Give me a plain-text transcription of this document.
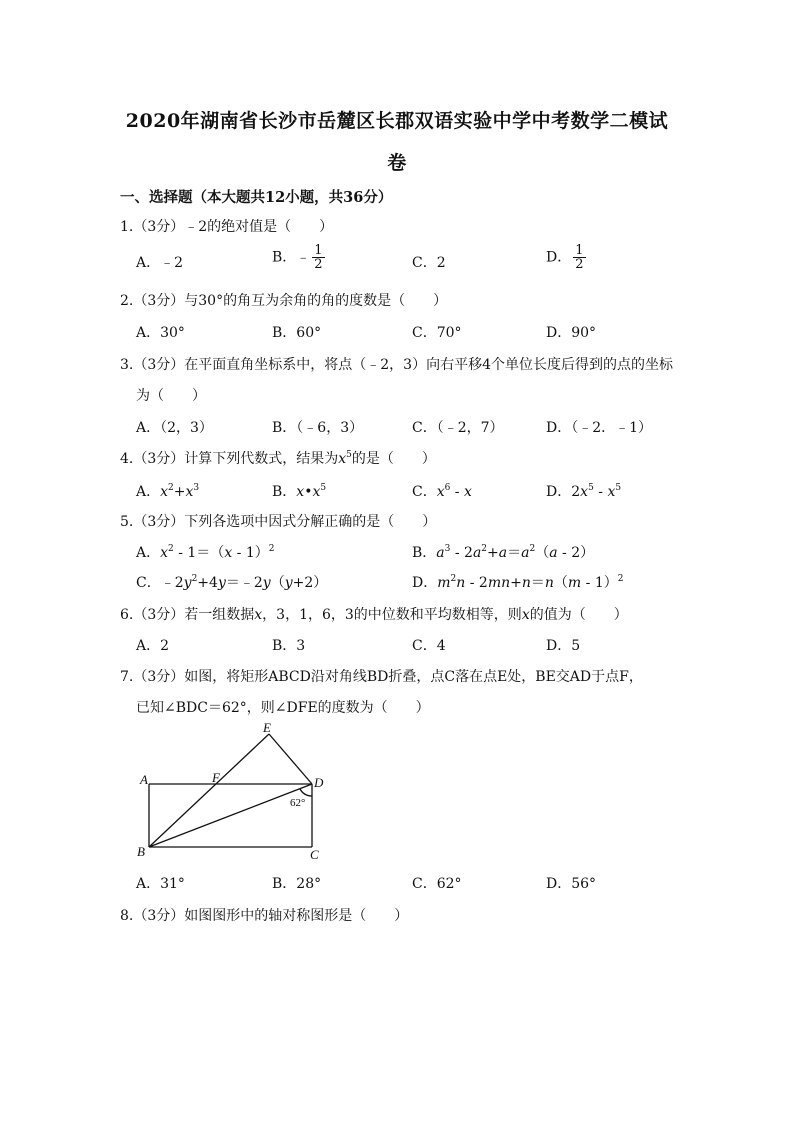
2020年湖南省长沙市岳麓区长郡双语实验中学中考数学二模试
卷
一、选择题（本大题共12小题，共36分）
1.（3分）﹣2的绝对值是（　　）
A．﹣2	B．﹣ $\frac{1}{2}$	C．2	D． $\frac{1}{2}$
2.（3分）与30°的角互为余角的角的度数是（　　）
A．30°	B．60°	C．70°	D．90°
3.（3分）在平面直角坐标系中，将点（﹣2，3）向右平移4个单位长度后得到的点的坐标
为（　　）
A．（2，3）	B．（﹣6，3）	C．（﹣2，7）	D．（﹣2．﹣1）
4.（3分）计算下列代数式，结果为$x^5$的是（　　）
A．$x^2+x^3$	B．$x•x^5$	C．$x^6$ - x	D．$2x^5 - x^5$
5.（3分）下列各选项中因式分解正确的是（　　）
A．$x^2 - 1=(x - 1)^2$	B．$a^3 - 2a^2+a=a^2(a - 2)$
C．$﹣2y^2+4y=﹣2y(y+2)$	D．$m^2n - 2mn+n=n(m - 1)^2$
6.（3分）若一组数据x，3，1，6，3的中位数和平均数相等，则x的值为（　　）
A．2	B．3	C．4	D．5
7.（3分）如图，将矩形ABCD沿对角线BD折叠，点C落在点E处，BE交AD于点F，
已知∠BDC＝62°，则∠DFE的度数为（　　）
E
A	F	D
B	C
62°
A．31°	B．28°	C．62°	D．56°
8.（3分）如图图形中的轴对称图形是（　　）
